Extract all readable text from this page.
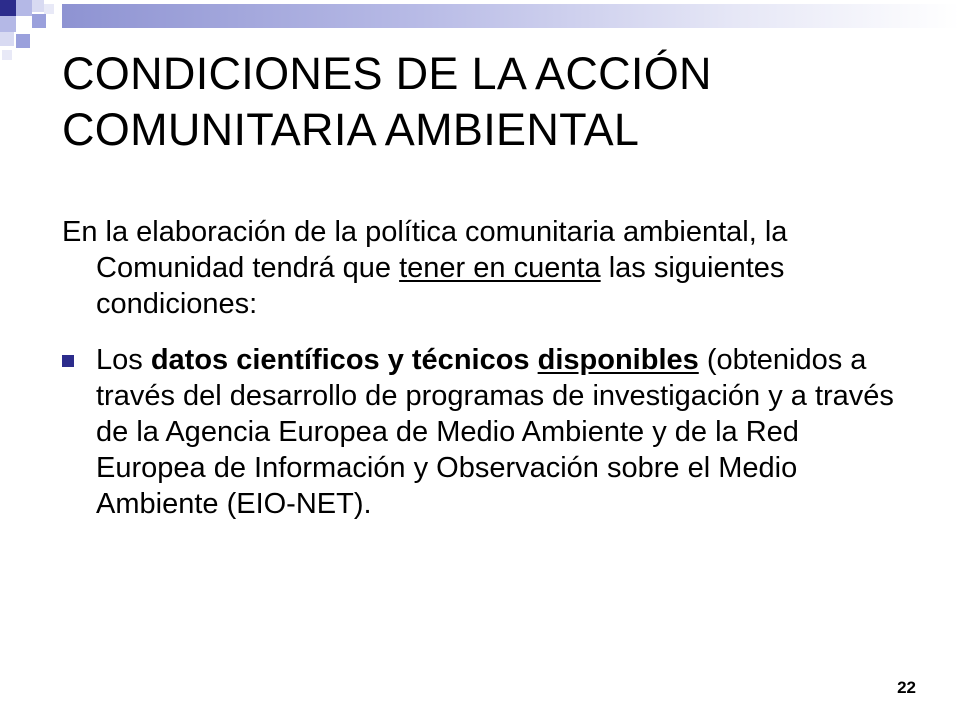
CONDICIONES DE LA ACCIÓN
COMUNITARIA AMBIENTAL

En la elaboración de la política comunitaria ambiental, la Comunidad tendrá que tener en cuenta las siguientes condiciones:

Los datos científicos y técnicos disponibles (obtenidos a través del desarrollo de programas de investigación y a través de la Agencia Europea de Medio Ambiente y de la Red Europea de Información y Observación sobre el Medio Ambiente (EIO-NET).
22
